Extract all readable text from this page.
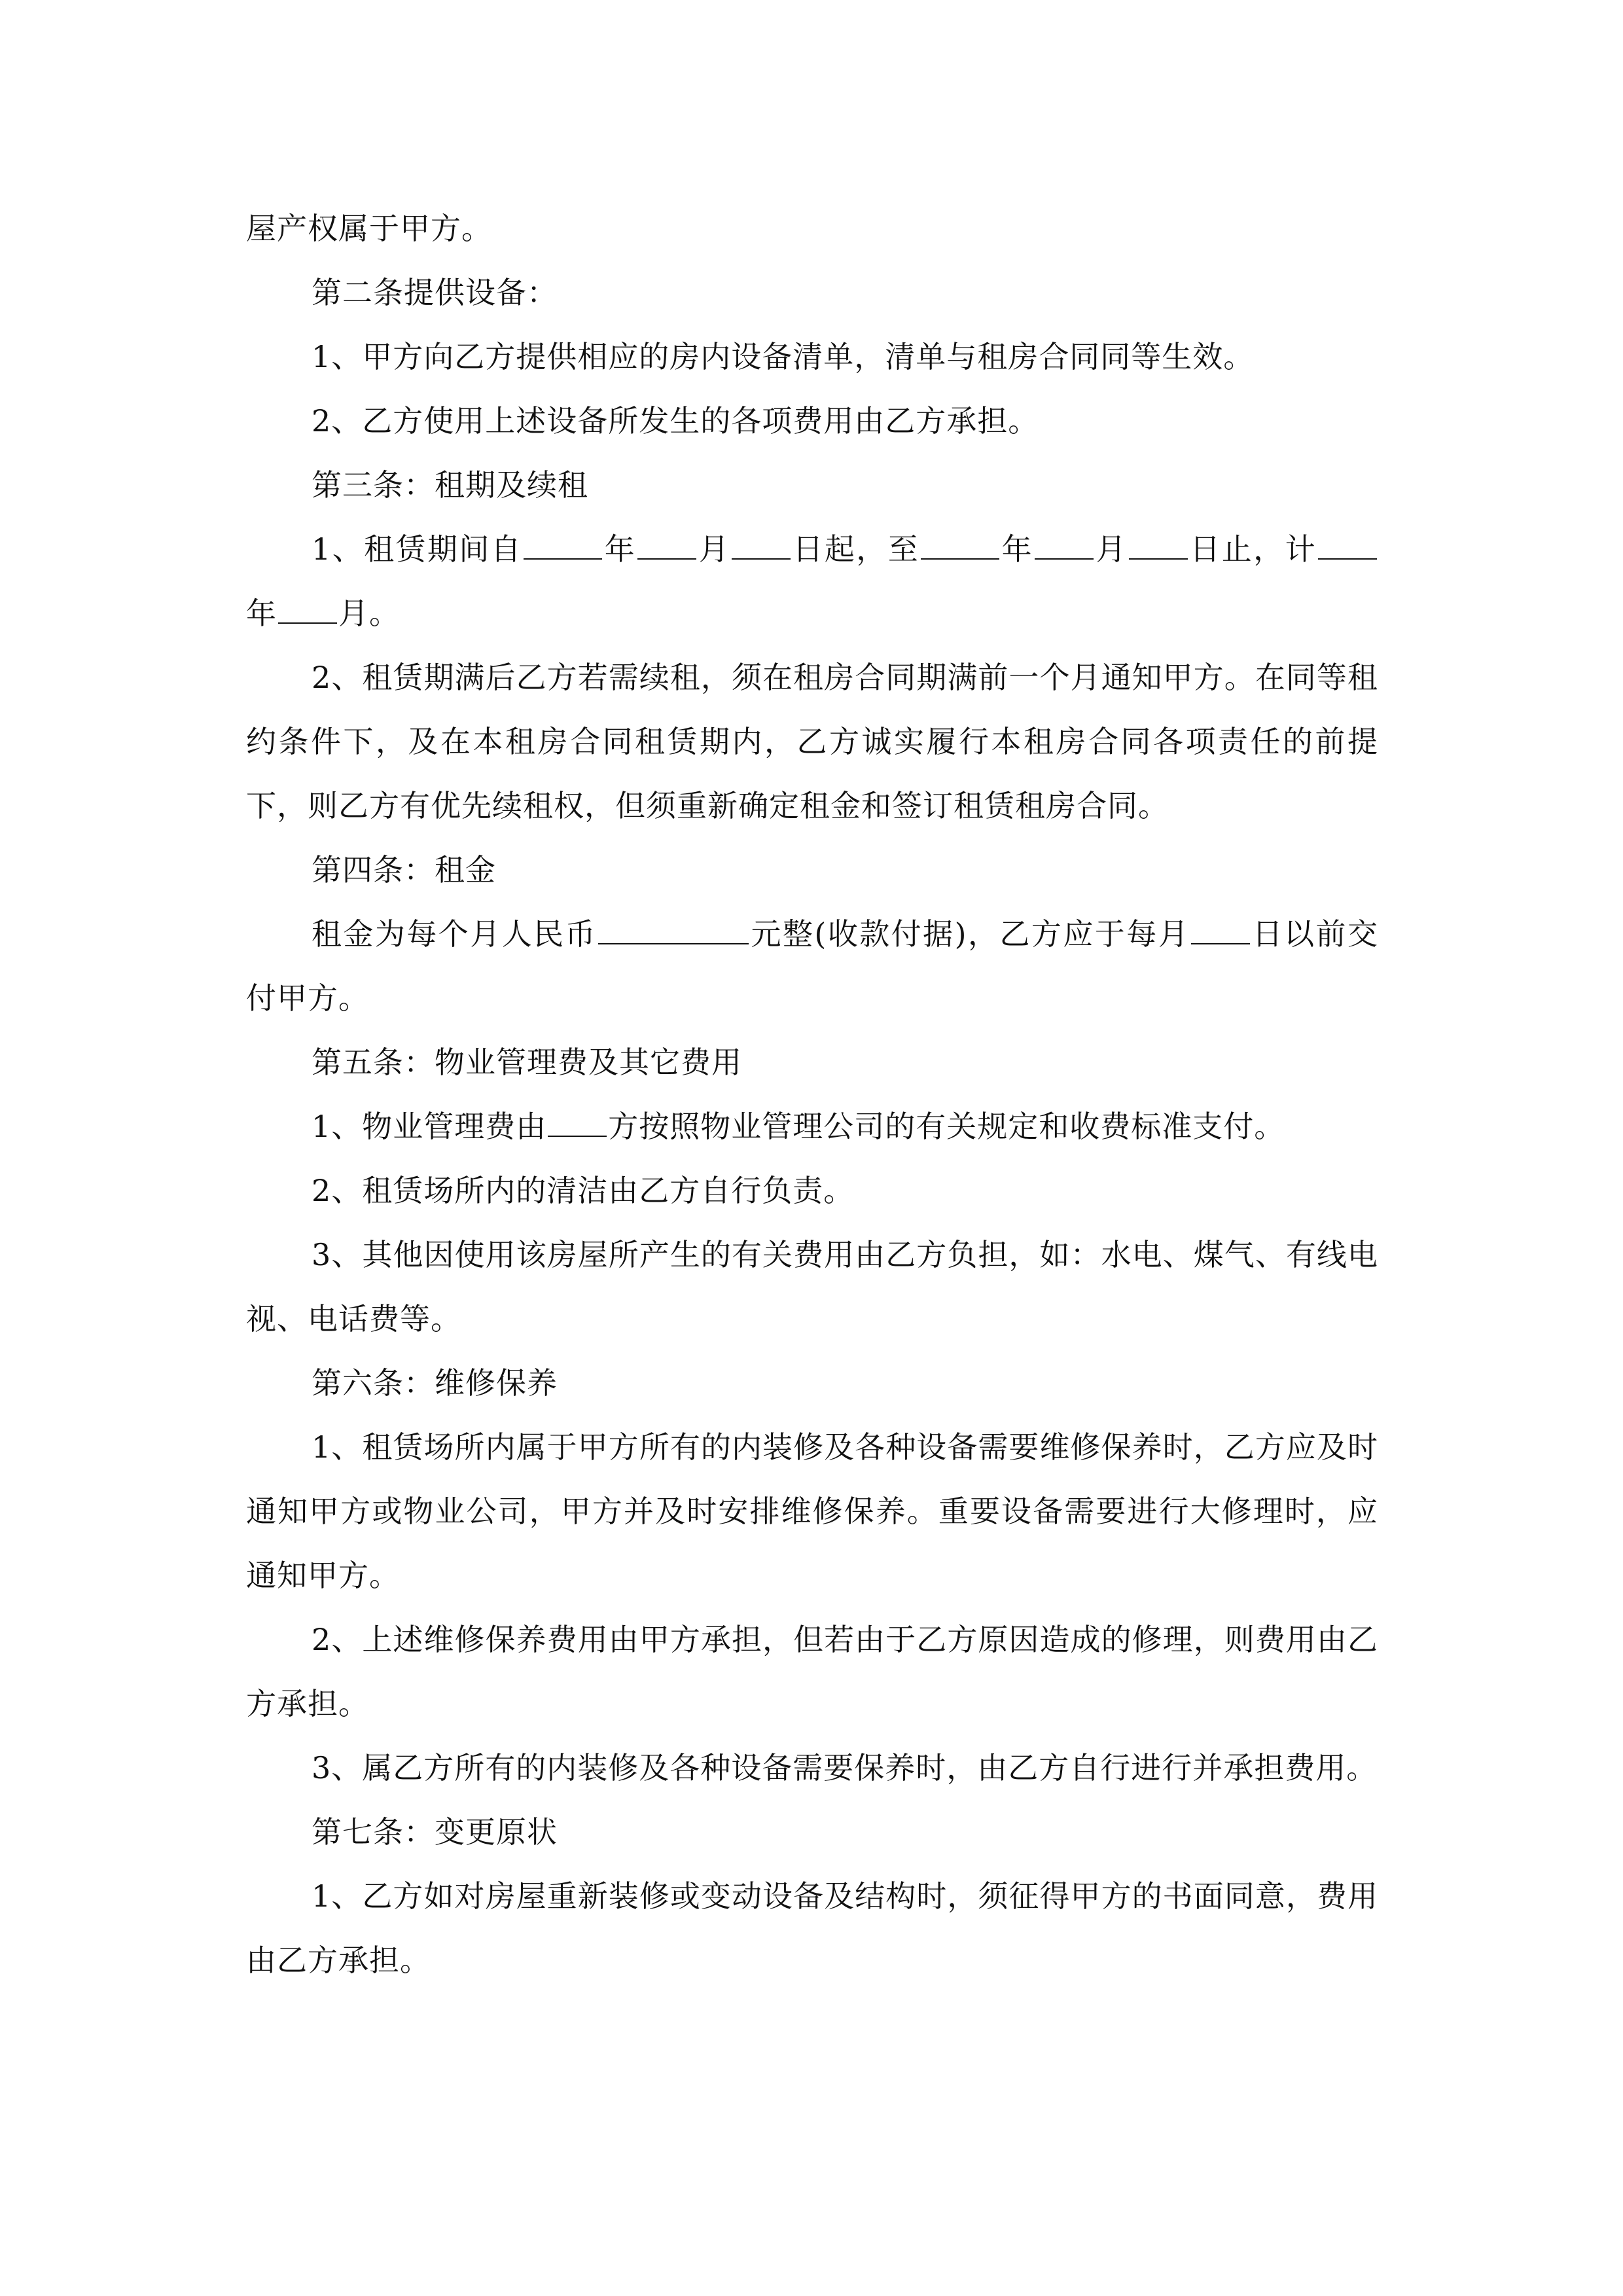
屋产权属于甲方。

第二条提供设备：

1、甲方向乙方提供相应的房内设备清单，清单与租房合同同等生效。

2、乙方使用上述设备所发生的各项费用由乙方承担。

第三条：租期及续租

1、租赁期间自	年 月 日起，至	年 月 日止，计年 月。

2、租赁期满后乙方若需续租，须在租房合同期满前一个月通知甲方。在同等租约条件下，及在本租房合同租赁期内，乙方诚实履行本租房合同各项责任的前提下，则乙方有优先续租权，但须重新确定租金和签订租赁租房合同。

第四条：租金

租金为每个月人民币	元整(收款付据)，乙方应于每月 日以前交付甲方。

第五条：物业管理费及其它费用

1、物业管理费由 方按照物业管理公司的有关规定和收费标准支付。

2、租赁场所内的清洁由乙方自行负责。

3、其他因使用该房屋所产生的有关费用由乙方负担，如：水电、煤气、有线电视、电话费等。

第六条：维修保养

1、租赁场所内属于甲方所有的内装修及各种设备需要维修保养时，乙方应及时通知甲方或物业公司，甲方并及时安排维修保养。重要设备需要进行大修理时，应通知甲方。

2、上述维修保养费用由甲方承担，但若由于乙方原因造成的修理，则费用由乙方承担。

3、属乙方所有的内装修及各种设备需要保养时，由乙方自行进行并承担费用。

第七条：变更原状

1、乙方如对房屋重新装修或变动设备及结构时，须征得甲方的书面同意，费用由乙方承担。
